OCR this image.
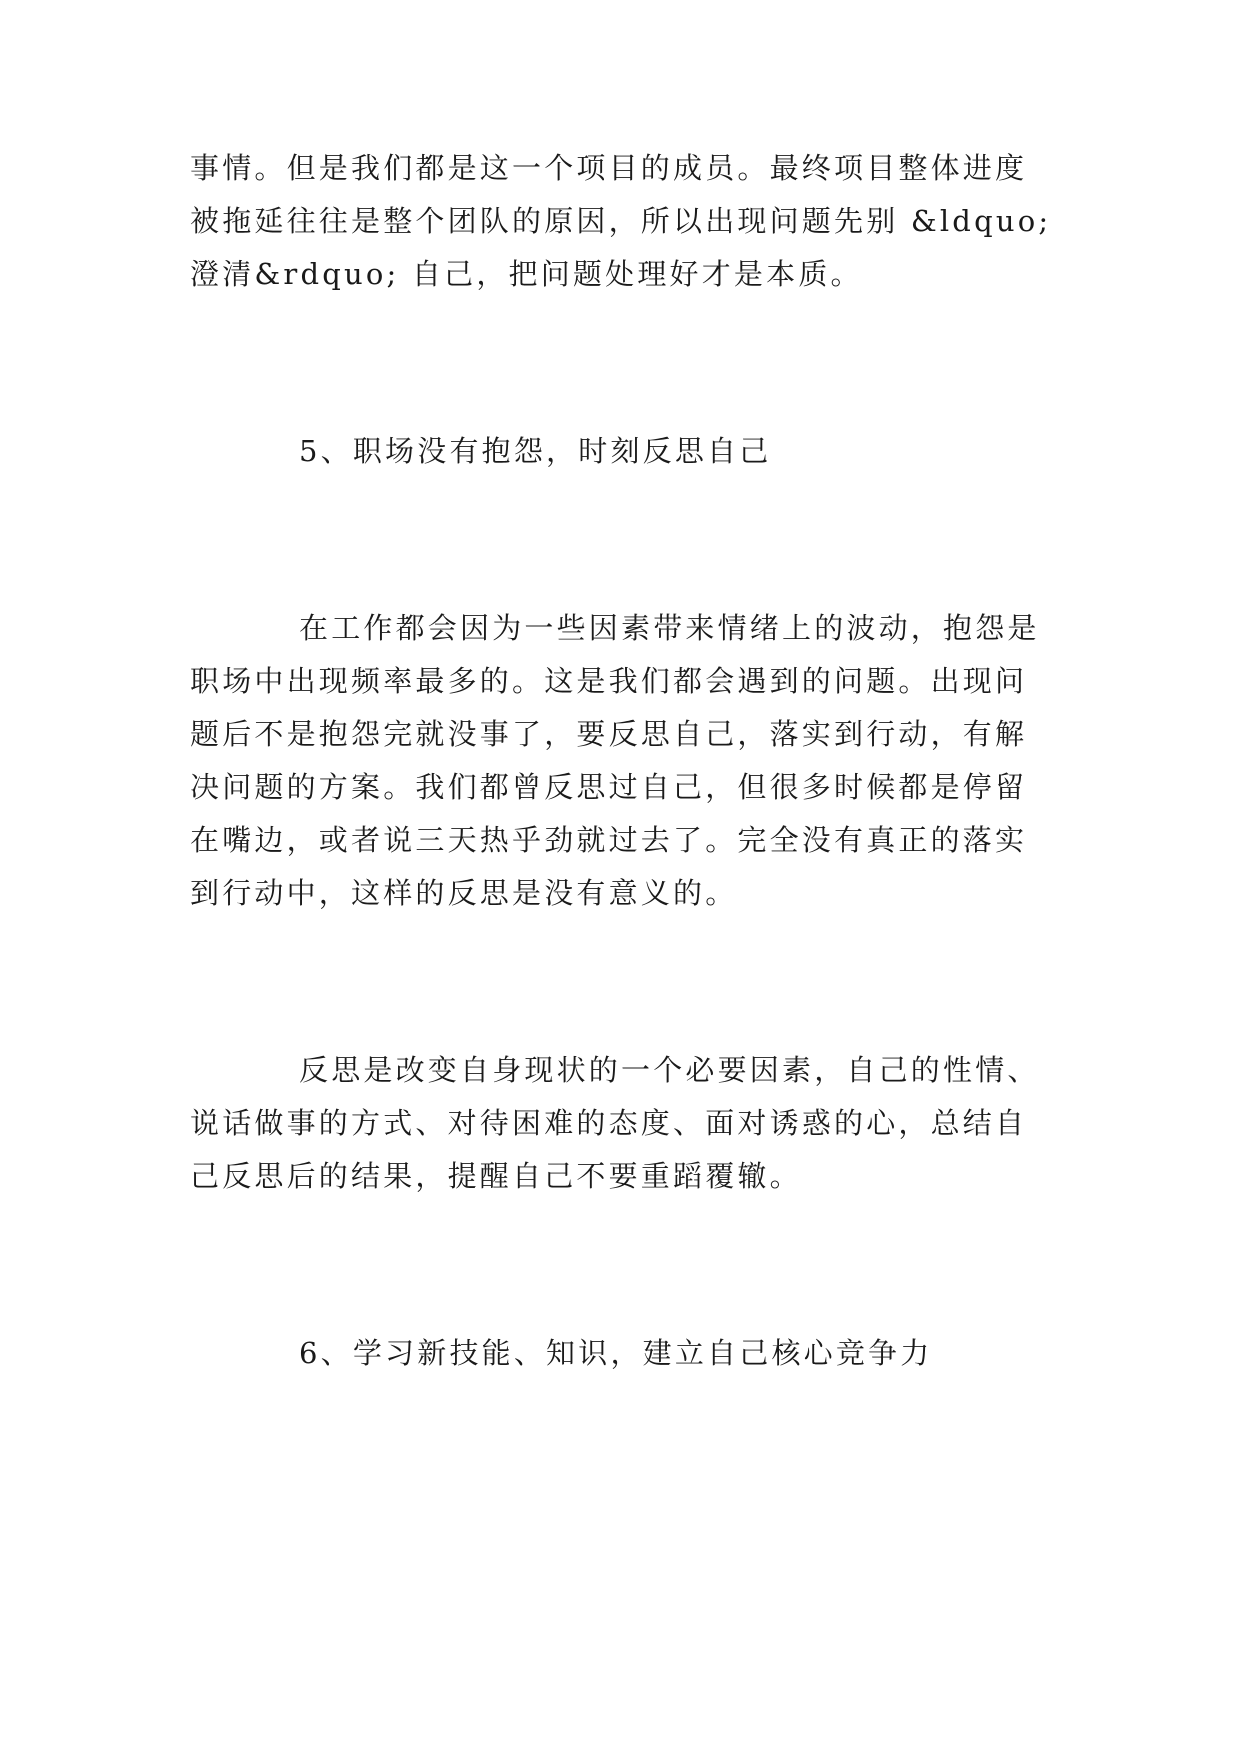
事情。但是我们都是这一个项目的成员。最终项目整体进度
被拖延往往是整个团队的原因，所以出现问题先别 &ldquo;
澄清&rdquo; 自己，把问题处理好才是本质。
5、职场没有抱怨，时刻反思自己
在工作都会因为一些因素带来情绪上的波动，抱怨是
职场中出现频率最多的。这是我们都会遇到的问题。出现问
题后不是抱怨完就没事了，要反思自己，落实到行动，有解
决问题的方案。我们都曾反思过自己，但很多时候都是停留
在嘴边，或者说三天热乎劲就过去了。完全没有真正的落实
到行动中，这样的反思是没有意义的。
反思是改变自身现状的一个必要因素，自己的性情、
说话做事的方式、对待困难的态度、面对诱惑的心，总结自
己反思后的结果，提醒自己不要重蹈覆辙。
6、学习新技能、知识，建立自己核心竞争力
